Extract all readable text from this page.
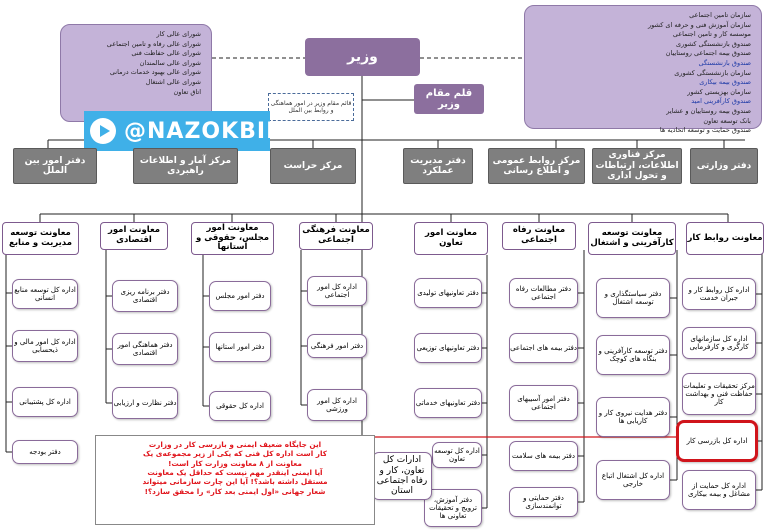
شورای عالی کار
شورای عالی رفاه و تامین اجتماعی
شورای عالی حفاظت فنی
شورای عالی سالمندان
شورای عالی بهبود خدمات درمانی
شورای عالی اشتغال
اتاق تعاون
سازمان تامین اجتماعی
سازمان آموزش فنی و حرفه ای کشور
موسسه کار و تامین اجتماعی
صندوق بازنشستگی کشوری
صندوق بیمه اجتماعی روستاییان
صندوق بازنشستگی
سازمان بازنشستگی کشوری
صندوق بیمه بیکاری
سازمان بهزیستی کشور
صندوق کارآفرینی امید
صندوق بیمه روستاییان و عشایر
بانک توسعه تعاون
صندوق حمایت و توسعه اتحادیه ها
وزیر
قلم مقام وزیر
قائم مقام وزیر در امور هماهنگی و روابط بین الملل
@NAZOKBIN
دفتر امور بین الملل
مرکز آمار و اطلاعات راهبردی
مرکز حراست
دفتر مدیریت عملکرد
مرکز روابط عمومی و اطلاع رسانی
مرکز فناوری اطلاعات، ارتباطات و تحول اداری
دفتر وزارتی
معاونت توسعه مدیریت و منابع
معاونت امور اقتصادی
معاونت امور مجلس، حقوقی و استانها
معاونت فرهنگی اجتماعی
معاونت امور تعاون
معاونت رفاه اجتماعی
معاونت توسعه کارآفرینی و اشتغال معاونت روابط کار
اداره کل توسعه منابع انسانی
اداره کل امور مالی و ذیحسابی
اداره کل پشتیبانی
دفتر بودجه
دفتر برنامه ریزی اقتصادی
دفتر هماهنگی امور اقتصادی
دفتر نظارت و ارزیابی
دفتر امور مجلس
دفتر امور استانها
اداره کل حقوقی
اداره کل امور اجتماعی
دفتر امور فرهنگی
اداره کل امور ورزشی
دفتر تعاونیهای تولیدی
دفتر تعاونیهای توزیعی
دفتر تعاونیهای خدماتی
اداره کل توسعه تعاون
دفتر آموزش، ترویج و تحقیقات تعاونی ها
ادارات کل تعاون، کار و رفاه اجتماعی استان
دفتر مطالعات رفاه اجتماعی
دفتر بیمه های اجتماعی
دفتر امور آسیبهای اجتماعی
دفتر بیمه های سلامت
دفتر حمایتی و توانمندسازی
دفتر سیاستگذاری و توسعه اشتغال
دفتر توسعه کارآفرینی و بنگاه های کوچک
دفتر هدایت نیروی کار و کاریابی ها
اداره کل اشتغال اتباع خارجی
اداره کل روابط کار و جبران خدمت
اداره کل سازمانهای کارگری و کارفرمایی
مرکز تحقیقات و تعلیمات حفاظت فنی و بهداشت کار
اداره کل بازرسی کار
اداره کل حمایت از مشاغل و بیمه بیکاری
این جایگاه ضعیف ایمنی و بازرسی کار در وزارت
کار است اداره کل فنی که یکی از زیر مجموعه‌ی یک
معاونت از ۸ معاونت وزارت کار است!
آیا ایمنی اینقدر مهم نیست که حداقل یک معاونت
مستقل داشته باشد؟! آیا این چارت سازمانی میتواند
شعار جهانی «اول ایمنی بعد کار» را محقق سازد؟!
